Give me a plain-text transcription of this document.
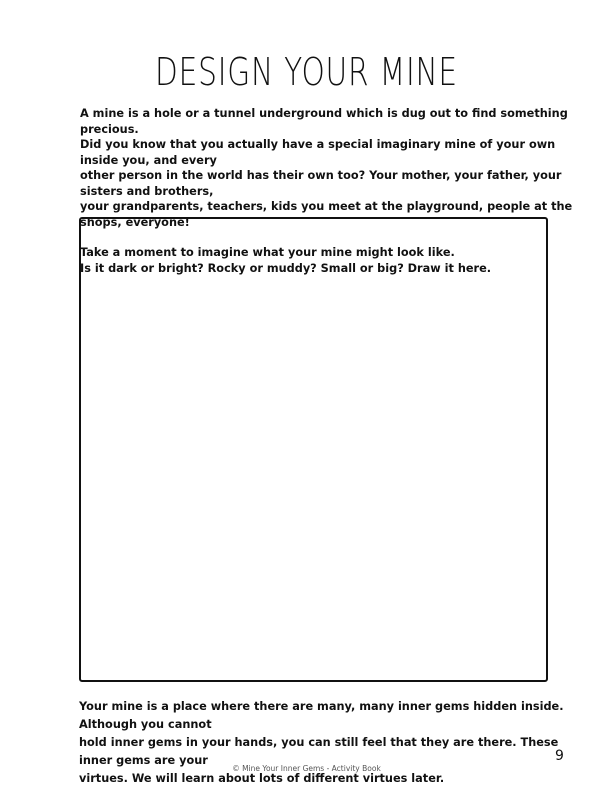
DESIGN YOUR MINE

A mine is a hole or a tunnel underground which is dug out to find something precious.

Did you know that you actually have a special imaginary mine of your own inside you, and every

other person in the world has their own too? Your mother, your father, your sisters and brothers,

your grandparents, teachers, kids you meet at the playground, people at the shops, everyone!

Take a moment to imagine what your mine might look like.

Is it dark or bright? Rocky or muddy? Small or big? Draw it here.

Your mine is a place where there are many, many inner gems hidden inside. Although you cannot
hold inner gems in your hands, you can still feel that they are there. These inner gems are your
virtues. We will learn about lots of different virtues later.
9
© Mine Your Inner Gems - Activity Book
